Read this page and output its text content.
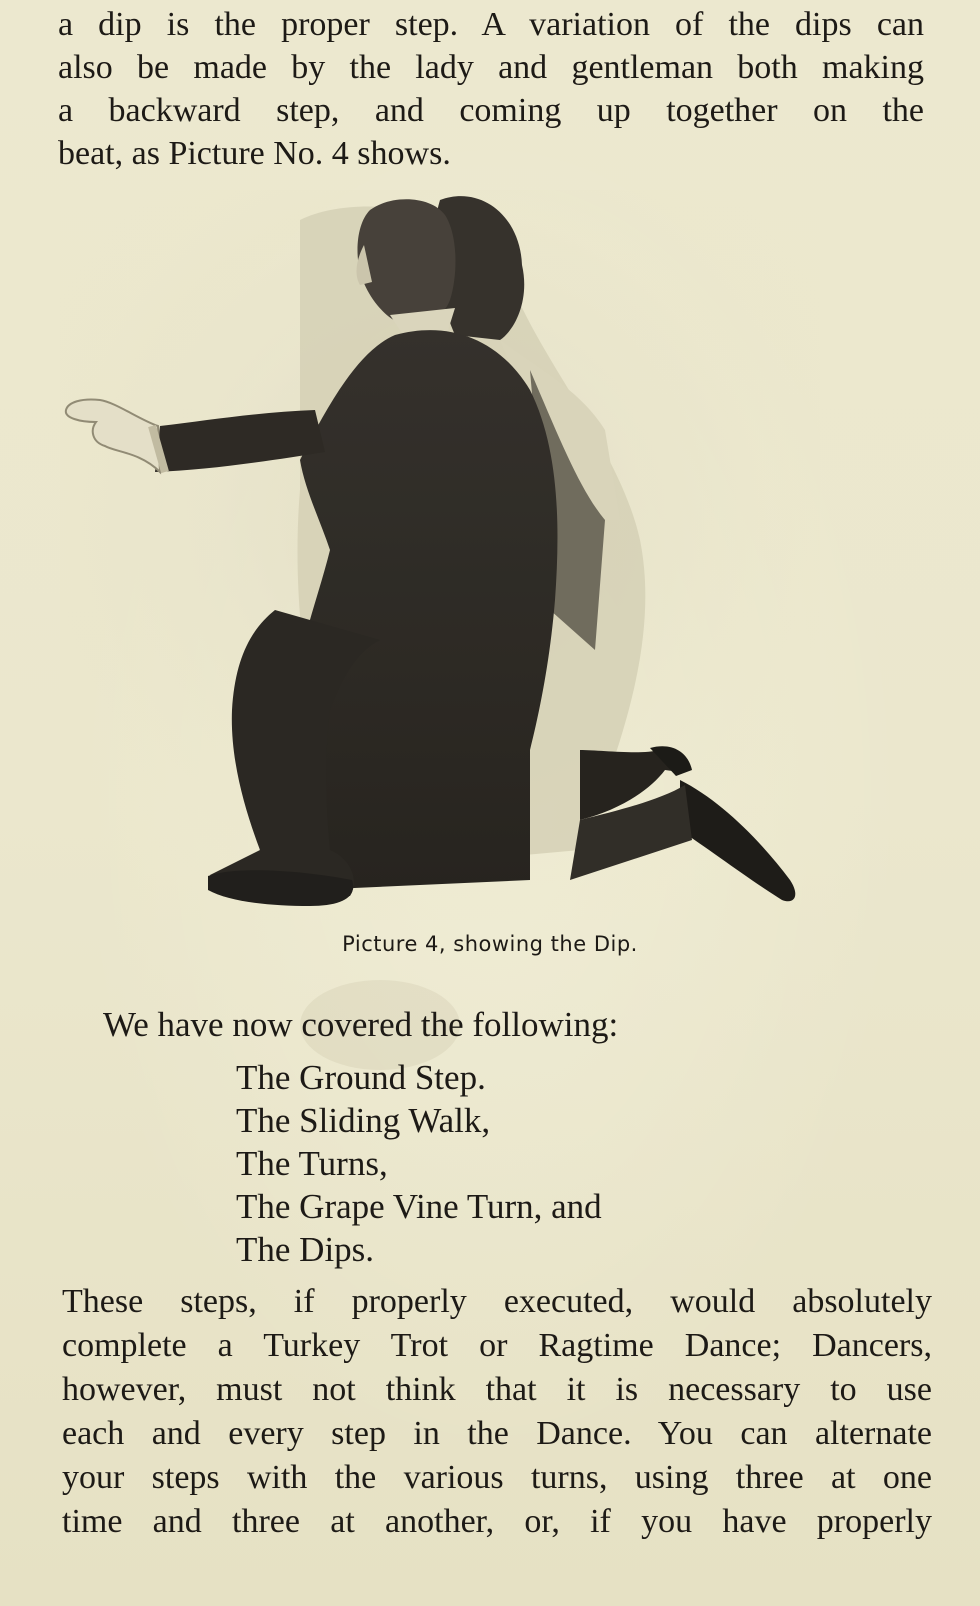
a dip is the proper step. A variation of the dips can
also be made by the lady and gentleman both making
a backward step, and coming up together on the
beat, as Picture No. 4 shows.
Picture 4, showing the Dip.
We have now covered the following:
The Ground Step.
The Sliding Walk,
The Turns,
The Grape Vine Turn, and
The Dips.
These steps, if properly executed, would absolutely
complete a Turkey Trot or Ragtime Dance; Dancers,
however, must not think that it is necessary to use
each and every step in the Dance. You can alternate
your steps with the various turns, using three at one
time and three at another, or, if you have properly
